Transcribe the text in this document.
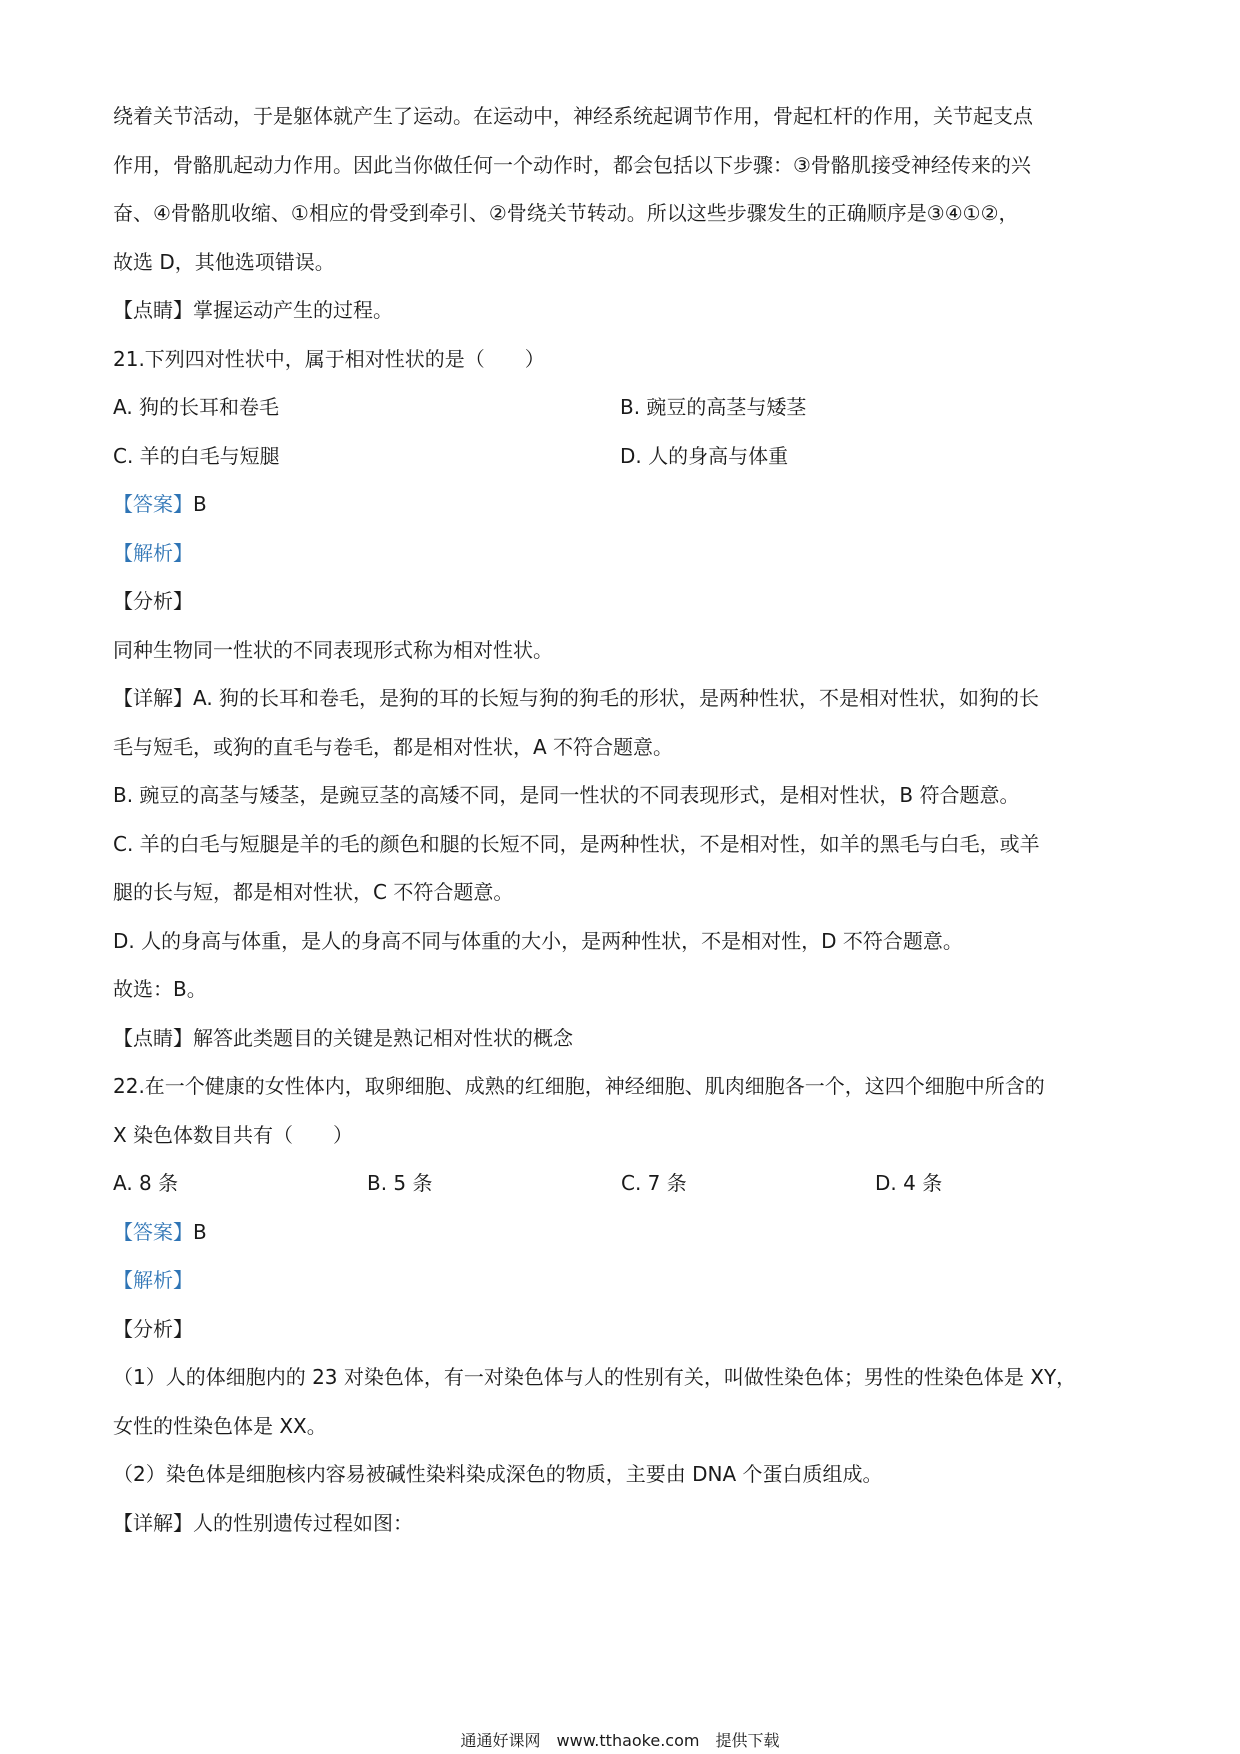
绕着关节活动，于是躯体就产生了运动。在运动中，神经系统起调节作用，骨起杠杆的作用，关节起支点

作用，骨骼肌起动力作用。因此当你做任何一个动作时，都会包括以下步骤：③骨骼肌接受神经传来的兴

奋、④骨骼肌收缩、①相应的骨受到牵引、②骨绕关节转动。所以这些步骤发生的正确顺序是③④①②，

故选 D，其他选项错误。

【点睛】掌握运动产生的过程。

21.下列四对性状中，属于相对性状的是（　　）

A. 狗的长耳和卷毛	B. 豌豆的高茎与矮茎
C. 羊的白毛与短腿	D. 人的身高与体重

【答案】B

【解析】

【分析】

同种生物同一性状的不同表现形式称为相对性状。

【详解】A. 狗的长耳和卷毛，是狗的耳的长短与狗的狗毛的形状，是两种性状，不是相对性状，如狗的长

毛与短毛，或狗的直毛与卷毛，都是相对性状，A 不符合题意。

B. 豌豆的高茎与矮茎，是豌豆茎的高矮不同，是同一性状的不同表现形式，是相对性状，B 符合题意。

C. 羊的白毛与短腿是羊的毛的颜色和腿的长短不同，是两种性状，不是相对性，如羊的黑毛与白毛，或羊

腿的长与短，都是相对性状，C 不符合题意。

D. 人的身高与体重，是人的身高不同与体重的大小，是两种性状，不是相对性，D 不符合题意。

故选：B。

【点睛】解答此类题目的关键是熟记相对性状的概念

22.在一个健康的女性体内，取卵细胞、成熟的红细胞，神经细胞、肌肉细胞各一个，这四个细胞中所含的

X 染色体数目共有（　　）

A. 8 条	B. 5 条	C. 7 条	D. 4 条

【答案】B

【解析】

【分析】

（1）人的体细胞内的 23 对染色体，有一对染色体与人的性别有关，叫做性染色体；男性的性染色体是 XY，

女性的性染色体是 XX。

（2）染色体是细胞核内容易被碱性染料染成深色的物质，主要由 DNA 个蛋白质组成。

【详解】人的性别遗传过程如图：

通通好课网　www.tthaoke.com　提供下载
